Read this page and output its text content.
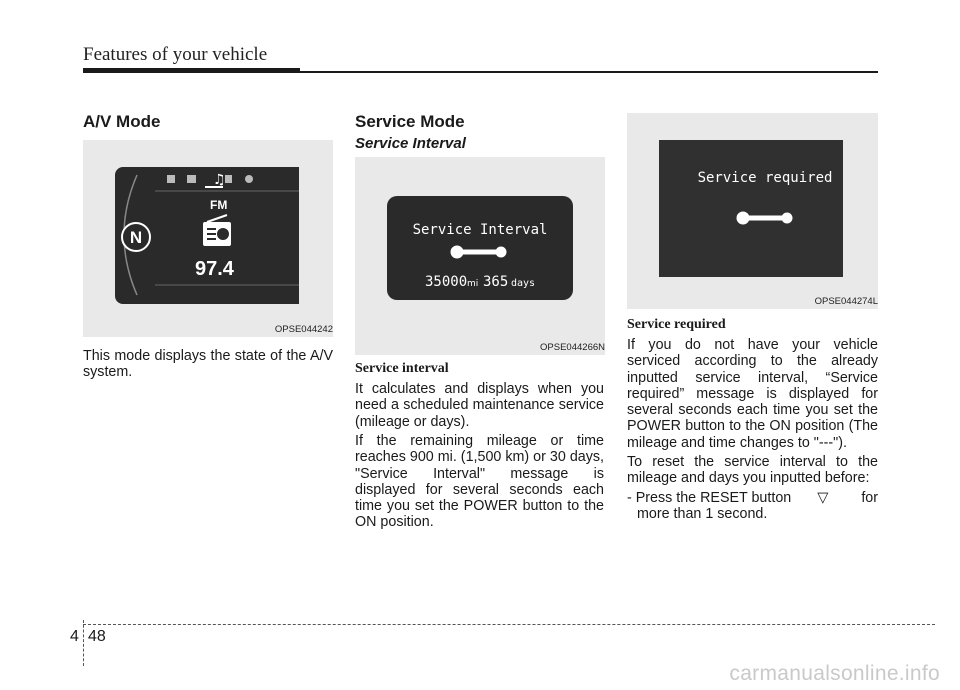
Features of your vehicle
A/V Mode
N
♫
FM
97.4
OPSE044242

This mode displays the state of the A/V system.

Service Mode
Service Interval
Service Interval
35000 mi 365 days
OPSE044266N
Service interval

It calculates and displays when you need a scheduled maintenance service (mileage or days).

If the remaining mileage or time reaches 900 mi. (1,500 km) or 30 days, "Service Interval" message is displayed for several seconds each time you set the POWER button to the ON position.

Service required
OPSE044274L
Service required

If you do not have your vehicle serviced according to the already inputted service interval, “Service required” message is displayed for several seconds each time you set the POWER button to the ON position (The mileage and time changes to "---").

To reset the service interval to the mileage and days you inputted before:

- Press the RESET button ▽ for
more than 1 second.
4 48
carmanualsonline.info
